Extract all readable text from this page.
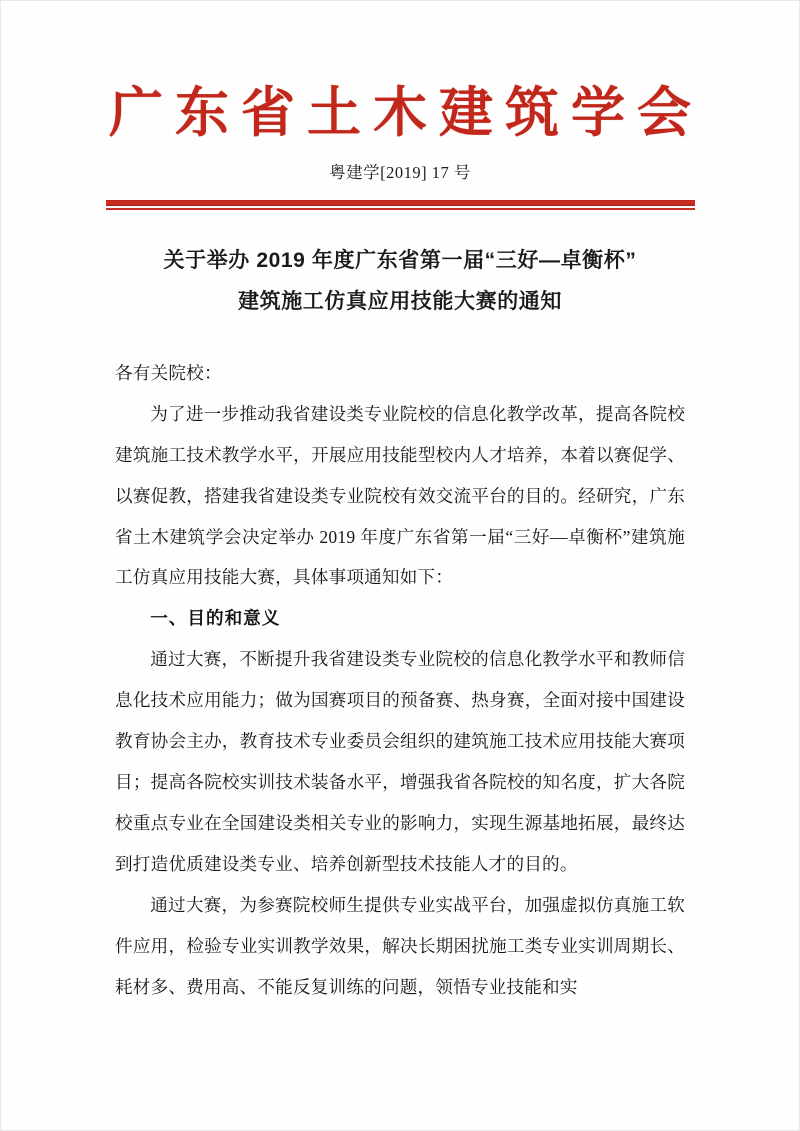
广东省土木建筑学会
粤建学[2019] 17 号
关于举办 2019 年度广东省第一届“三好—卓衡杯”
建筑施工仿真应用技能大赛的通知

各有关院校：

为了进一步推动我省建设类专业院校的信息化教学改革，提高各院校建筑施工技术教学水平，开展应用技能型校内人才培养，本着以赛促学、以赛促教，搭建我省建设类专业院校有效交流平台的目的。经研究，广东省土木建筑学会决定举办 2019 年度广东省第一届“三好—卓衡杯”建筑施工仿真应用技能大赛，具体事项通知如下：

一、目的和意义

通过大赛，不断提升我省建设类专业院校的信息化教学水平和教师信息化技术应用能力；做为国赛项目的预备赛、热身赛，全面对接中国建设教育协会主办，教育技术专业委员会组织的建筑施工技术应用技能大赛项目；提高各院校实训技术装备水平，增强我省各院校的知名度，扩大各院校重点专业在全国建设类相关专业的影响力，实现生源基地拓展，最终达到打造优质建设类专业、培养创新型技术技能人才的目的。

通过大赛，为参赛院校师生提供专业实战平台，加强虚拟仿真施工软件应用，检验专业实训教学效果，解决长期困扰施工类专业实训周期长、耗材多、费用高、不能反复训练的问题，领悟专业技能和实
